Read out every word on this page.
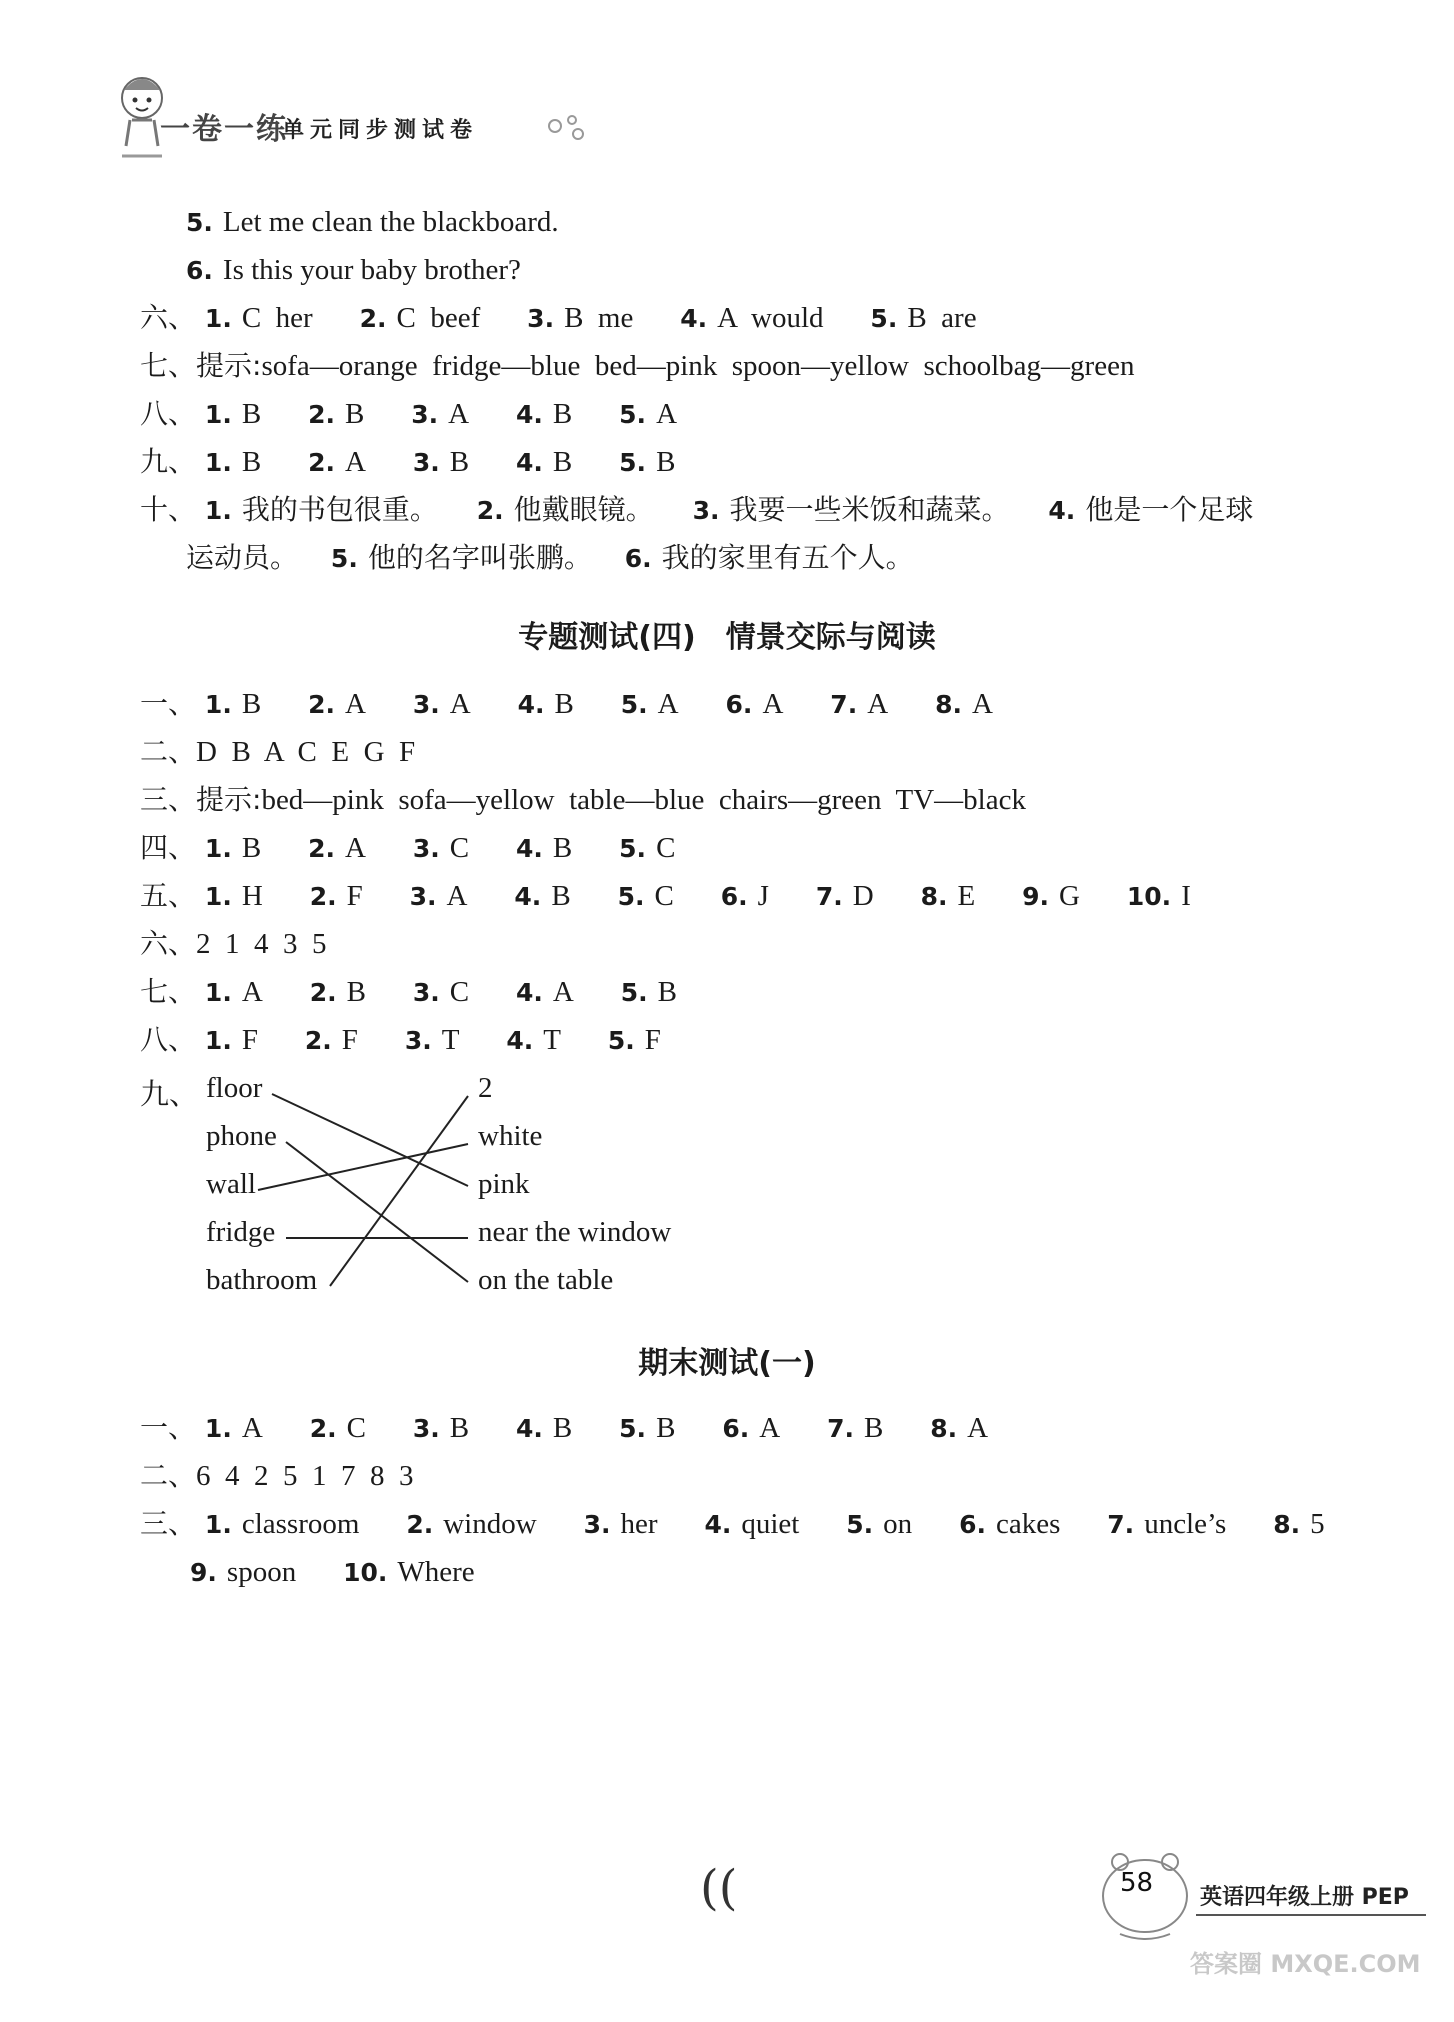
一卷一练
单元同步测试卷
5. Let me clean the blackboard.
6. Is this your baby brother?
六、 1. C  her 2. C  beef 3. B  me 4. A  would 5. B  are
七、提示:sofa—orange  fridge—blue  bed—pink  spoon—yellow  schoolbag—green
八、 1. B 2. B 3. A 4. B 5. A
九、 1. B 2. A 3. B 4. B 5. B
十、 1. 我的书包很重。 2. 他戴眼镜。 3. 我要一些米饭和蔬菜。 4. 他是一个足球
运动员。 5. 他的名字叫张鹏。 6. 我的家里有五个人。
专题测试(四)　情景交际与阅读
一、 1. B 2. A 3. A 4. B 5. A 6. A 7. A 8. A
二、D  B  A  C  E  G  F
三、提示:bed—pink  sofa—yellow  table—blue  chairs—green  TV—black
四、 1. B 2. A 3. C 4. B 5. C
五、 1. H 2. F 3. A 4. B 5. C 6. J 7. D 8. E 9. G 10. I
六、2  1  4  3  5
七、 1. A 2. B 3. C 4. A 5. B
八、 1. F 2. F 3. T 4. T 5. F
九、 floor
phone
wall
fridge
bathroom
2
white
pink
near the window
on the table
期末测试(一)
一、 1. A 2. C 3. B 4. B 5. B 6. A 7. B 8. A
二、6  4  2  5  1  7  8  3
三、 1. classroom 2. window 3. her 4. quiet 5. on 6. cakes 7. uncle’s 8. 5
9. spoon 10. Where
((	58 英语四年级上册 PEP
答案圈 MXQE.COM
